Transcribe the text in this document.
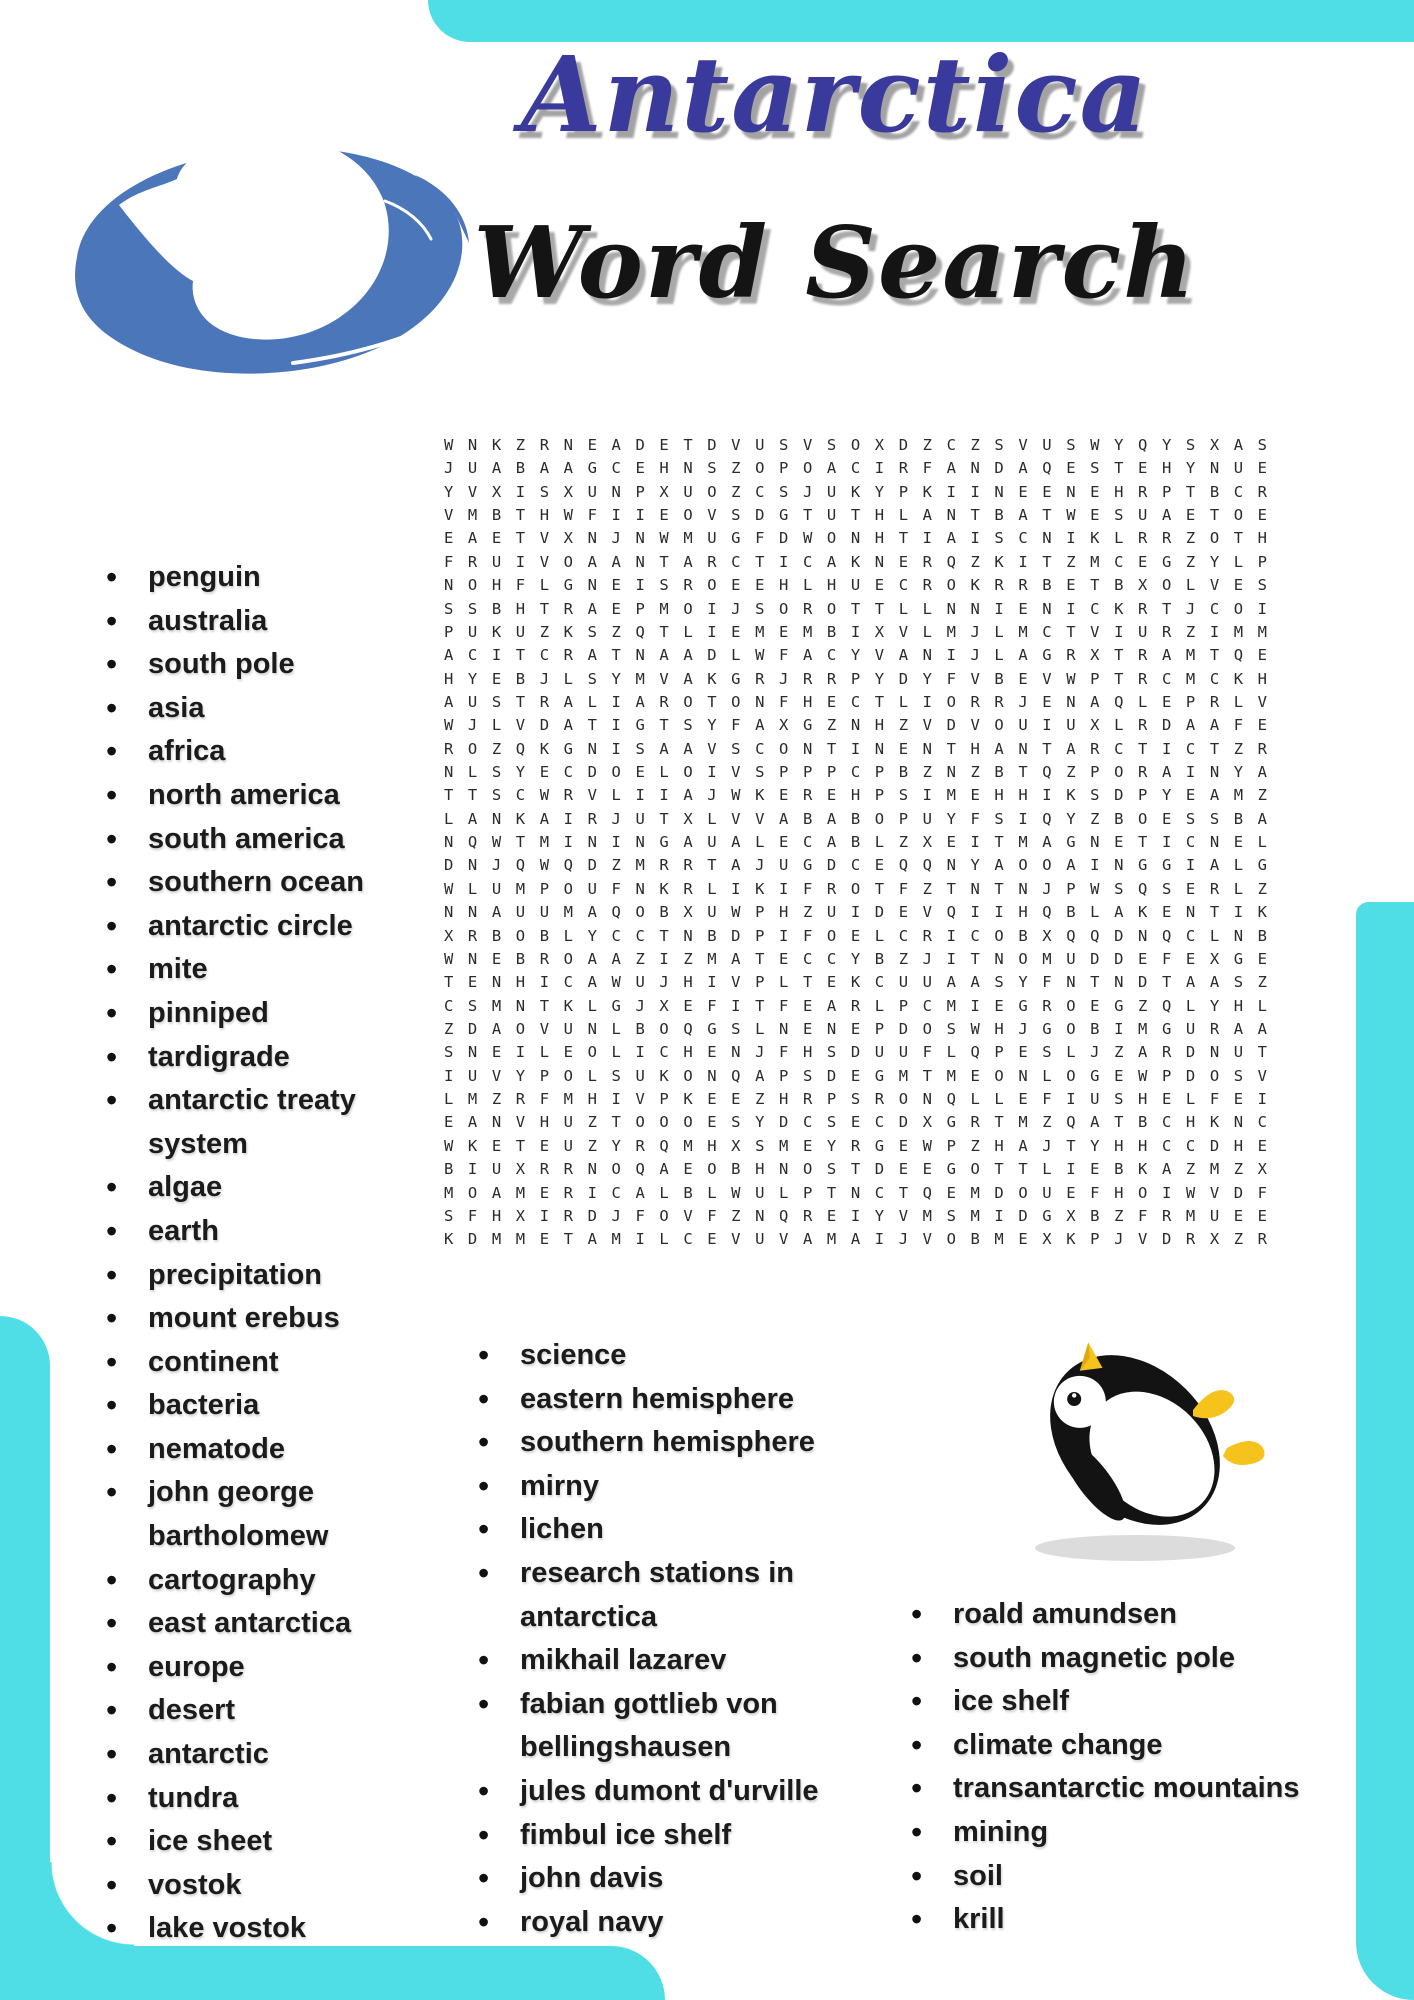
Antarctica
Word Search
WNKZRNEADETDVUSVSOXDZCZSVUSWYQYSXAS
JUABAAGCEHNSZOPOACIRFANDAQESTEHYNUE
YVXISXUNPXUOZCSJUKYPKIINEENEHRPTBCR
VMBTHWFIIEOVSDGTUTHLANTBATWESUAETOE
EAETVXNJNWMUGFDWONHTIAISCNIKLRRZOTH
FRUIVOAANTARCTICAKNERQZKITZMCEGZYLP
NOHFLGNEISROEEHLHUECROKRRBETBXOLVES
SSBHTRAEPMOIJSOROTTLLNNIENICKRTJCOI
PUKUZKSZQTLIEMEMBIXVLMJLMCTVIURZIMM
ACITCRATNAADLWFACYVANIJLAGRXTRAMTQE
HYEBJLSYMVAKGRJRRPYDYFVBEVWPTRCMCKH
AUSTRALIAROTONFHECTLIORRJENAQLEPRLV
WJLVDATIGTSYFAXGZNHZVDVOUIUXLRDAAFE
ROZQKGNISAAVSCONTINENTHANTARCTICTZR
NLSYECDOELOIVSPPPCPBZNZBTQZPORAINYA
TTSCWRVLIIAJWKEREHPSIMEHHIKSDPYEAMZ
LANKAIRJUTXLVVABABOPUYFSIQYZBOESSBA
NQWTMININGAUALECABLZXEITMAGNETICNEL
DNJQWQDZMRRTAJUGDCEQQNYAOOAINGGIALG
WLUMPOUFNKRLIKIFROTFZTNTNJPWSQSERLZ
NNAUUMAQOBXUWPHZUIDEVQIIHQBLAKENTIK
XRBOBLYCCTNBDPIFOELCRICOBXQQDNQCLNB
WNEBROAAZIZMATECCYBZJITNOMUDDEFEXGE
TENHICAWUJHIVPLTEKCUUAASYFNTNDTAASZ
CSMNTKLGJXEFITFEARLPCMIEGROEGZQLYHL
ZDAOVUNLBOQGSLNENEPDOSWHJGOBIMGURAA
SNEILEOLICHENJFHSDUUFLQPESLJZARDNUT
IUVYPOLSUKONQAPSDEGMTMEONLOGEWPDOSV
LMZRFMHIVPKEEZHRPSRONQLLEFIUSHELFEI
EANVHUZTOOOESYDCSECDXGRTMZQATBCHKNC
WKETEUZYRQMHXSMEYRGEWPZHAJTYHHCCDHE
BIUXRRNOQAEOBHNOSTDEEGOTTLIEBKAZMZX
MOAMERICALBLWULPTNCTQEMDOUEFHOIWVDF
SFHXIRDJFOVFZNQREIYVMSMIDGXBZFRMUEE
KDMMETAMILCEVUVAMAIJVOBMEXKPJVDRXZR
•	penguin
•	australia
•	south pole
•	asia
•	africa
•	north america
•	south america
•	southern ocean
•	antarctic circle
•	mite
•	pinniped
•	tardigrade
•	antarctic treaty system
•	algae
•	earth
•	precipitation
•	mount erebus
•	continent
•	bacteria
•	nematode
•	john george bartholomew
•	cartography
•	east antarctica
•	europe
•	desert
•	antarctic
•	tundra
•	ice sheet
•	vostok
•	lake vostok
•	science
•	eastern hemisphere
•	southern hemisphere
•	mirny
•	lichen
•	research stations in antarctica
•	mikhail lazarev
•	fabian gottlieb von bellingshausen
•	jules dumont d'urville
•	fimbul ice shelf
•	john davis
•	royal navy
•	roald amundsen
•	south magnetic pole
•	ice shelf
•	climate change
•	transantarctic mountains
•	mining
•	soil
•	krill
